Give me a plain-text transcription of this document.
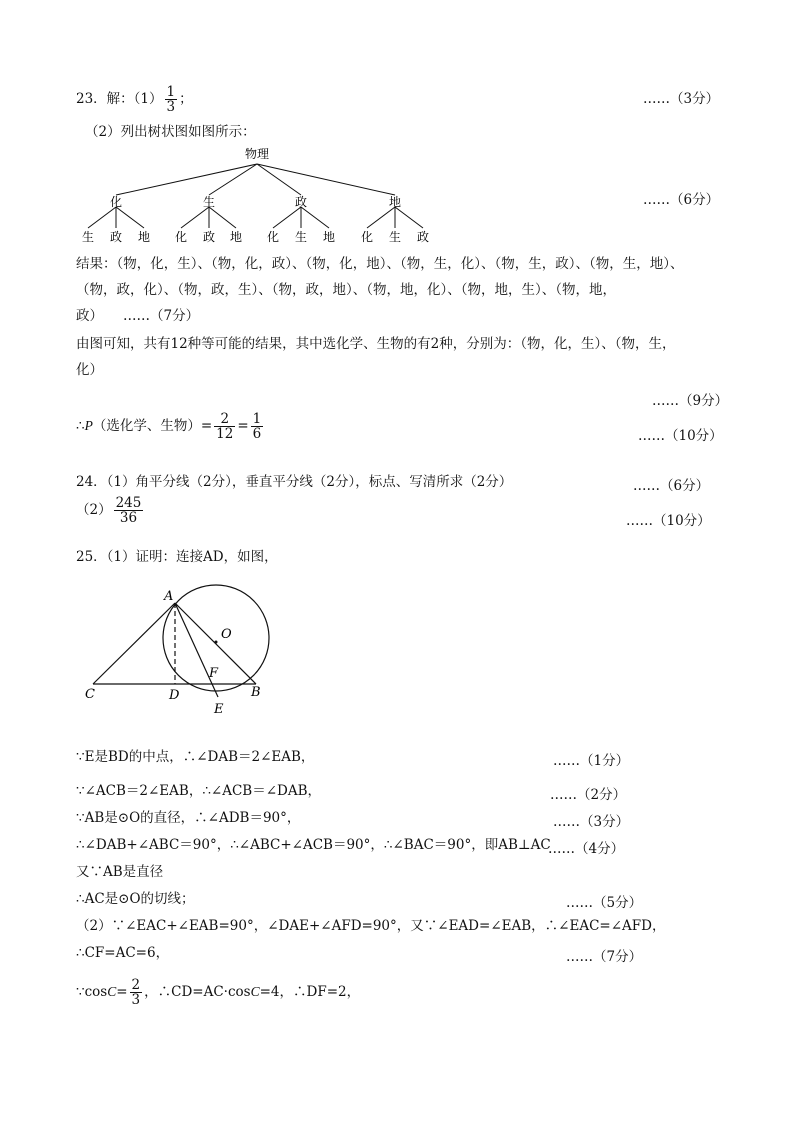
23．解：$(1) \frac{1}{3}$ ；	……（3分）
（2）列出树状图如图所示：
物理
化	生	政	地
生 政 地 化 政 地 化 生 地 化 生 政
……（6分）
结果：（物，化，生）、（物，化，政）、（物，化，地）、（物，生，化）、（物，生，政）、（物，生，地）、
（物，政，化）、（物，政，生）、（物，政，地）、（物，地，化）、（物，地，生）、（物，地，
政） ……（7分）
由图可知，共有12种等可能的结果，其中选化学、生物的有2种，分别为：（物，化，生）、（物，生，
化）
……（9分）
∴P（选化学、生物）= $\frac{2}{12} = \frac{1}{6}$	……（10分）
24．（1）角平分线（2分），垂直平分线（2分），标点、写清所求（2分）	……（6分）
$(2) \frac{245}{36}$	……（10分）
25．（1）证明：连接AD，如图，
A
O
F
C	D	B
E
∵E是BD的中点，∴∠DAB＝2∠EAB，	……（1分）
∵∠ACB＝2∠EAB，∴∠ACB＝∠DAB，	……（2分）
∵AB是⊙O的直径，∴∠ADB＝90°，	……（3分）
∴∠DAB+∠ABC＝90°，∴∠ABC+∠ACB＝90°，∴∠BAC＝90°，即AB⊥AC
……（4分）
又∵AB是直径
∴AC是⊙O的切线；	……（5分）
（2）∵∠EAC+∠EAB=90°，∠DAE+∠AFD=90°，又∵∠EAD=∠EAB，∴∠EAC=∠AFD，
∴CF=AC=6，	……（7分）
∵cosC= $\frac{2}{3}$ ，∴CD=AC·cosC=4，∴DF=2，
